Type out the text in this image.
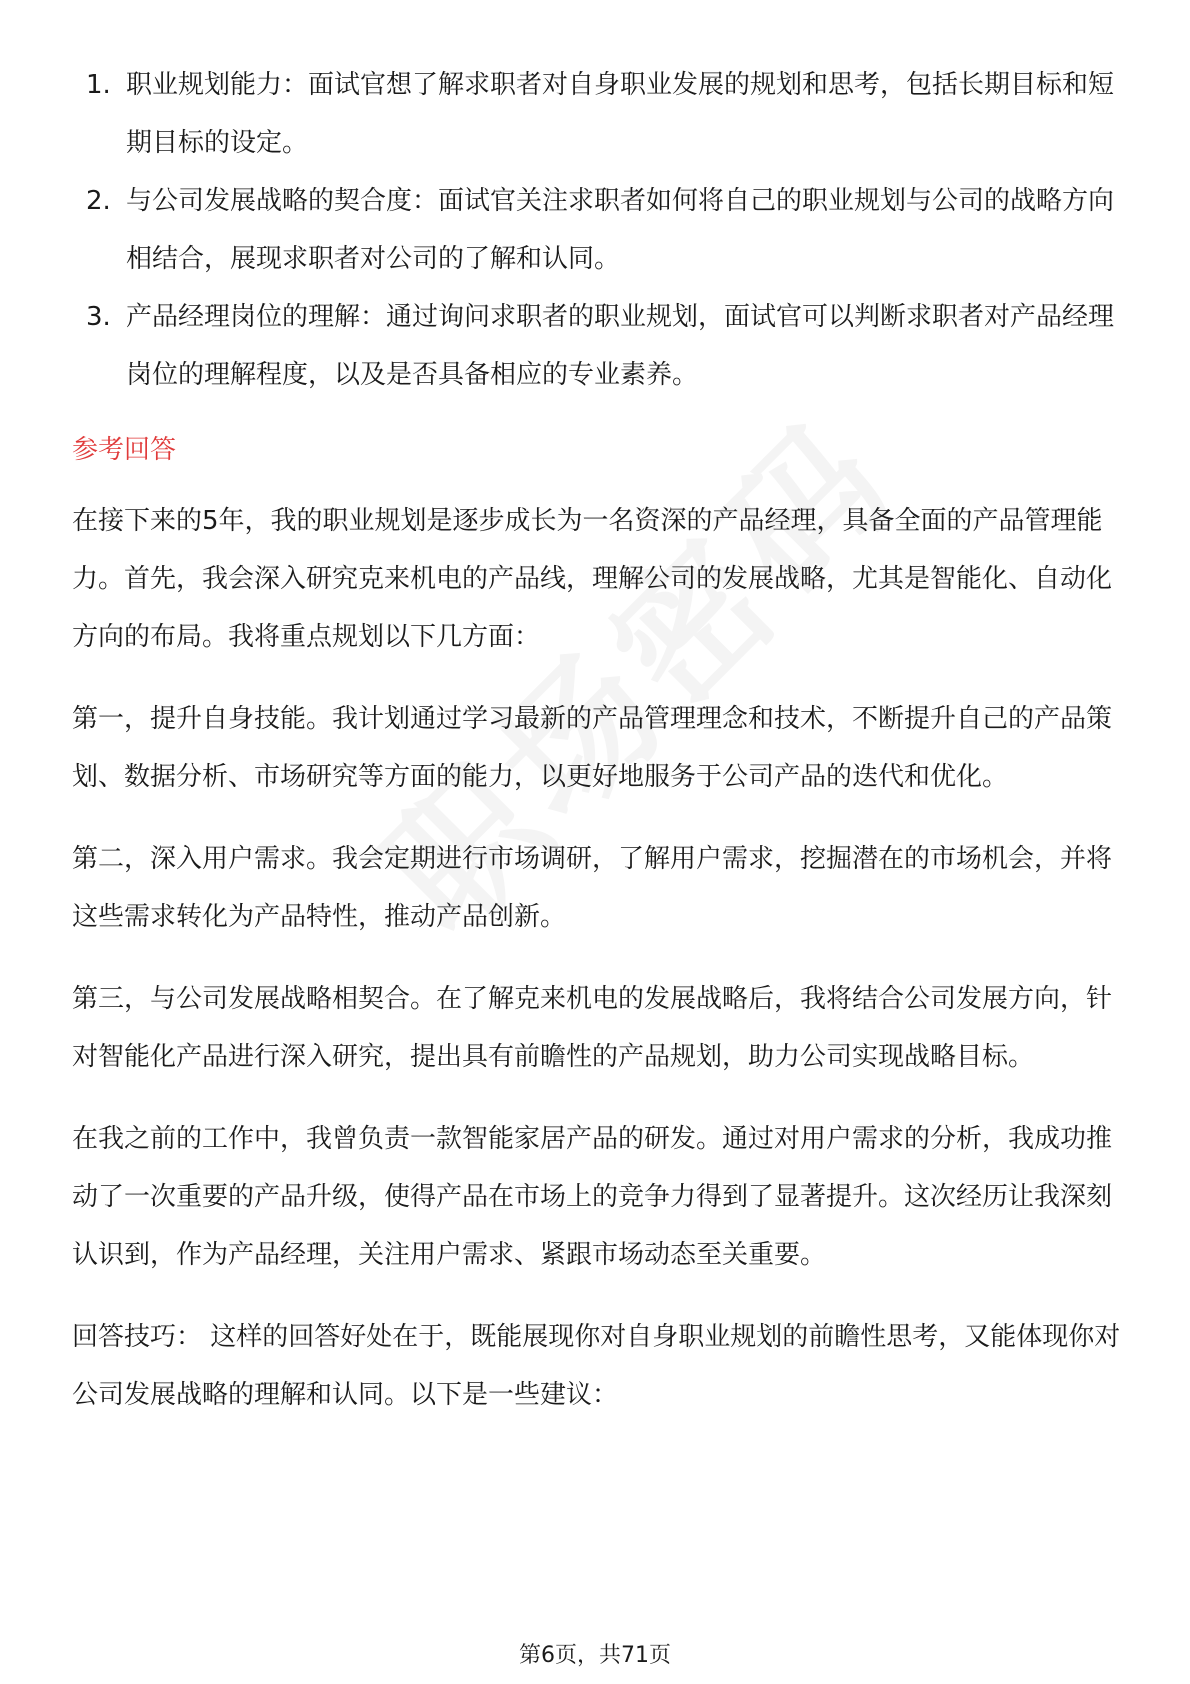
1. 职业规划能力：面试官想了解求职者对自身职业发展的规划和思考，包括长期目标和短期目标的设定。
2. 与公司发展战略的契合度：面试官关注求职者如何将自己的职业规划与公司的战略方向相结合，展现求职者对公司的了解和认同。
3. 产品经理岗位的理解：通过询问求职者的职业规划，面试官可以判断求职者对产品经理岗位的理解程度，以及是否具备相应的专业素养。
参考回答

在接下来的5年，我的职业规划是逐步成长为一名资深的产品经理，具备全面的产品管理能力。首先，我会深入研究克来机电的产品线，理解公司的发展战略，尤其是智能化、自动化方向的布局。我将重点规划以下几方面：

第一，提升自身技能。我计划通过学习最新的产品管理理念和技术，不断提升自己的产品策划、数据分析、市场研究等方面的能力，以更好地服务于公司产品的迭代和优化。

第二，深入用户需求。我会定期进行市场调研，了解用户需求，挖掘潜在的市场机会，并将这些需求转化为产品特性，推动产品创新。

第三，与公司发展战略相契合。在了解克来机电的发展战略后，我将结合公司发展方向，针对智能化产品进行深入研究，提出具有前瞻性的产品规划，助力公司实现战略目标。

在我之前的工作中，我曾负责一款智能家居产品的研发。通过对用户需求的分析，我成功推动了一次重要的产品升级，使得产品在市场上的竞争力得到了显著提升。这次经历让我深刻认识到，作为产品经理，关注用户需求、紧跟市场动态至关重要。

回答技巧： 这样的回答好处在于，既能展现你对自身职业规划的前瞻性思考，又能体现你对公司发展战略的理解和认同。以下是一些建议：

第6页，共71页
